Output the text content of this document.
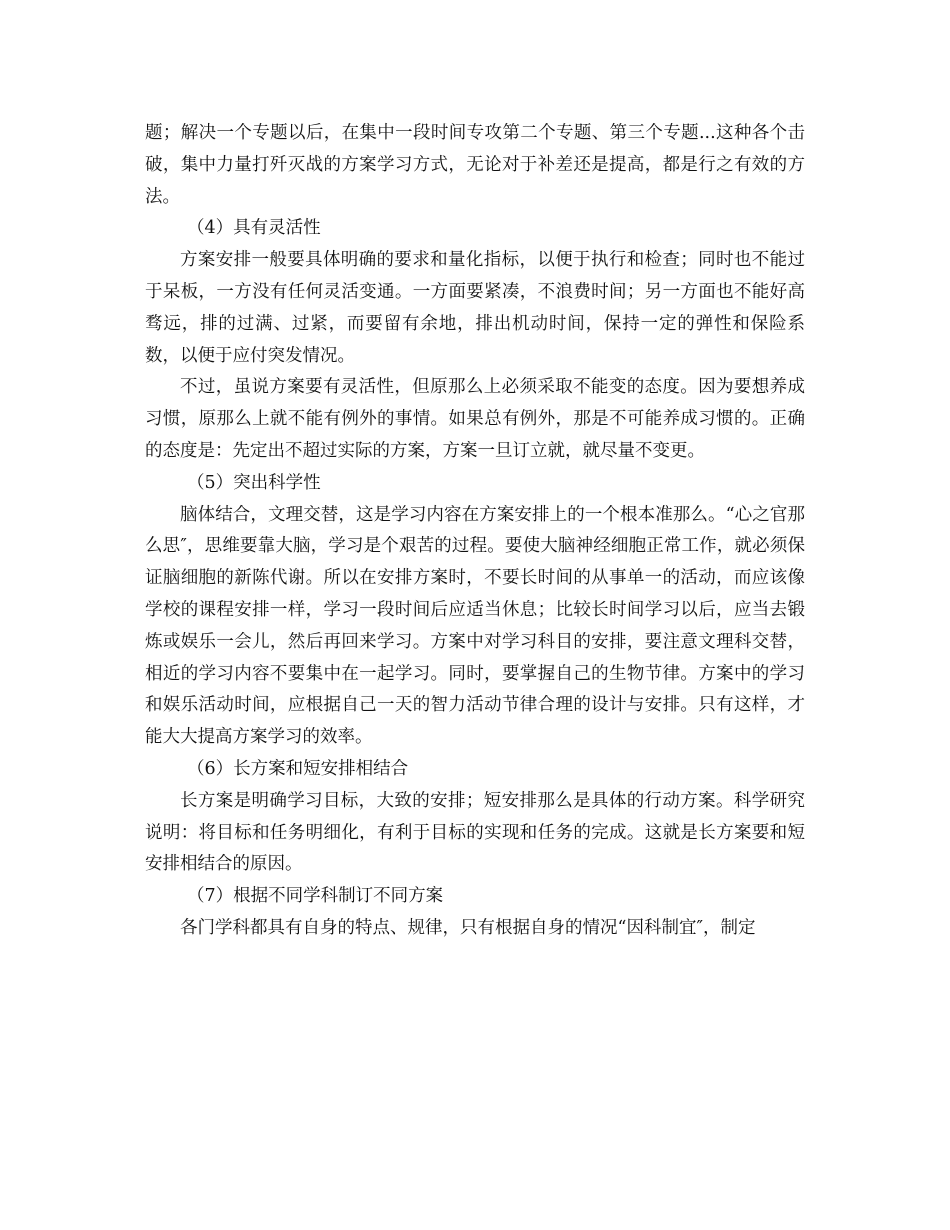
题；解决一个专题以后，在集中一段时间专攻第二个专题、第三个专题...这种各个击破，集中力量打歼灭战的方案学习方式，无论对于补差还是提高，都是行之有效的方法。

（4）具有灵活性

方案安排一般要具体明确的要求和量化指标，以便于执行和检查；同时也不能过于呆板，一方没有任何灵活变通。一方面要紧凑，不浪费时间；另一方面也不能好高骛远，排的过满、过紧，而要留有余地，排出机动时间，保持一定的弹性和保险系数，以便于应付突发情况。

不过，虽说方案要有灵活性，但原那么上必须采取不能变的态度。因为要想养成习惯，原那么上就不能有例外的事情。如果总有例外，那是不可能养成习惯的。正确的态度是：先定出不超过实际的方案，方案一旦订立就，就尽量不变更。

（5）突出科学性

脑体结合，文理交替，这是学习内容在方案安排上的一个根本准那么。“心之官那么思″，思维要靠大脑，学习是个艰苦的过程。要使大脑神经细胞正常工作，就必须保证脑细胞的新陈代谢。所以在安排方案时，不要长时间的从事单一的活动，而应该像学校的课程安排一样，学习一段时间后应适当休息；比较长时间学习以后，应当去锻炼或娱乐一会儿，然后再回来学习。方案中对学习科目的安排，要注意文理科交替，相近的学习内容不要集中在一起学习。同时，要掌握自己的生物节律。方案中的学习和娱乐活动时间，应根据自己一天的智力活动节律合理的设计与安排。只有这样，才能大大提高方案学习的效率。

（6）长方案和短安排相结合

长方案是明确学习目标，大致的安排；短安排那么是具体的行动方案。科学研究说明：将目标和任务明细化，有利于目标的实现和任务的完成。这就是长方案要和短安排相结合的原因。

（7）根据不同学科制订不同方案

各门学科都具有自身的特点、规律，只有根据自身的情况“因科制宜″，制定
